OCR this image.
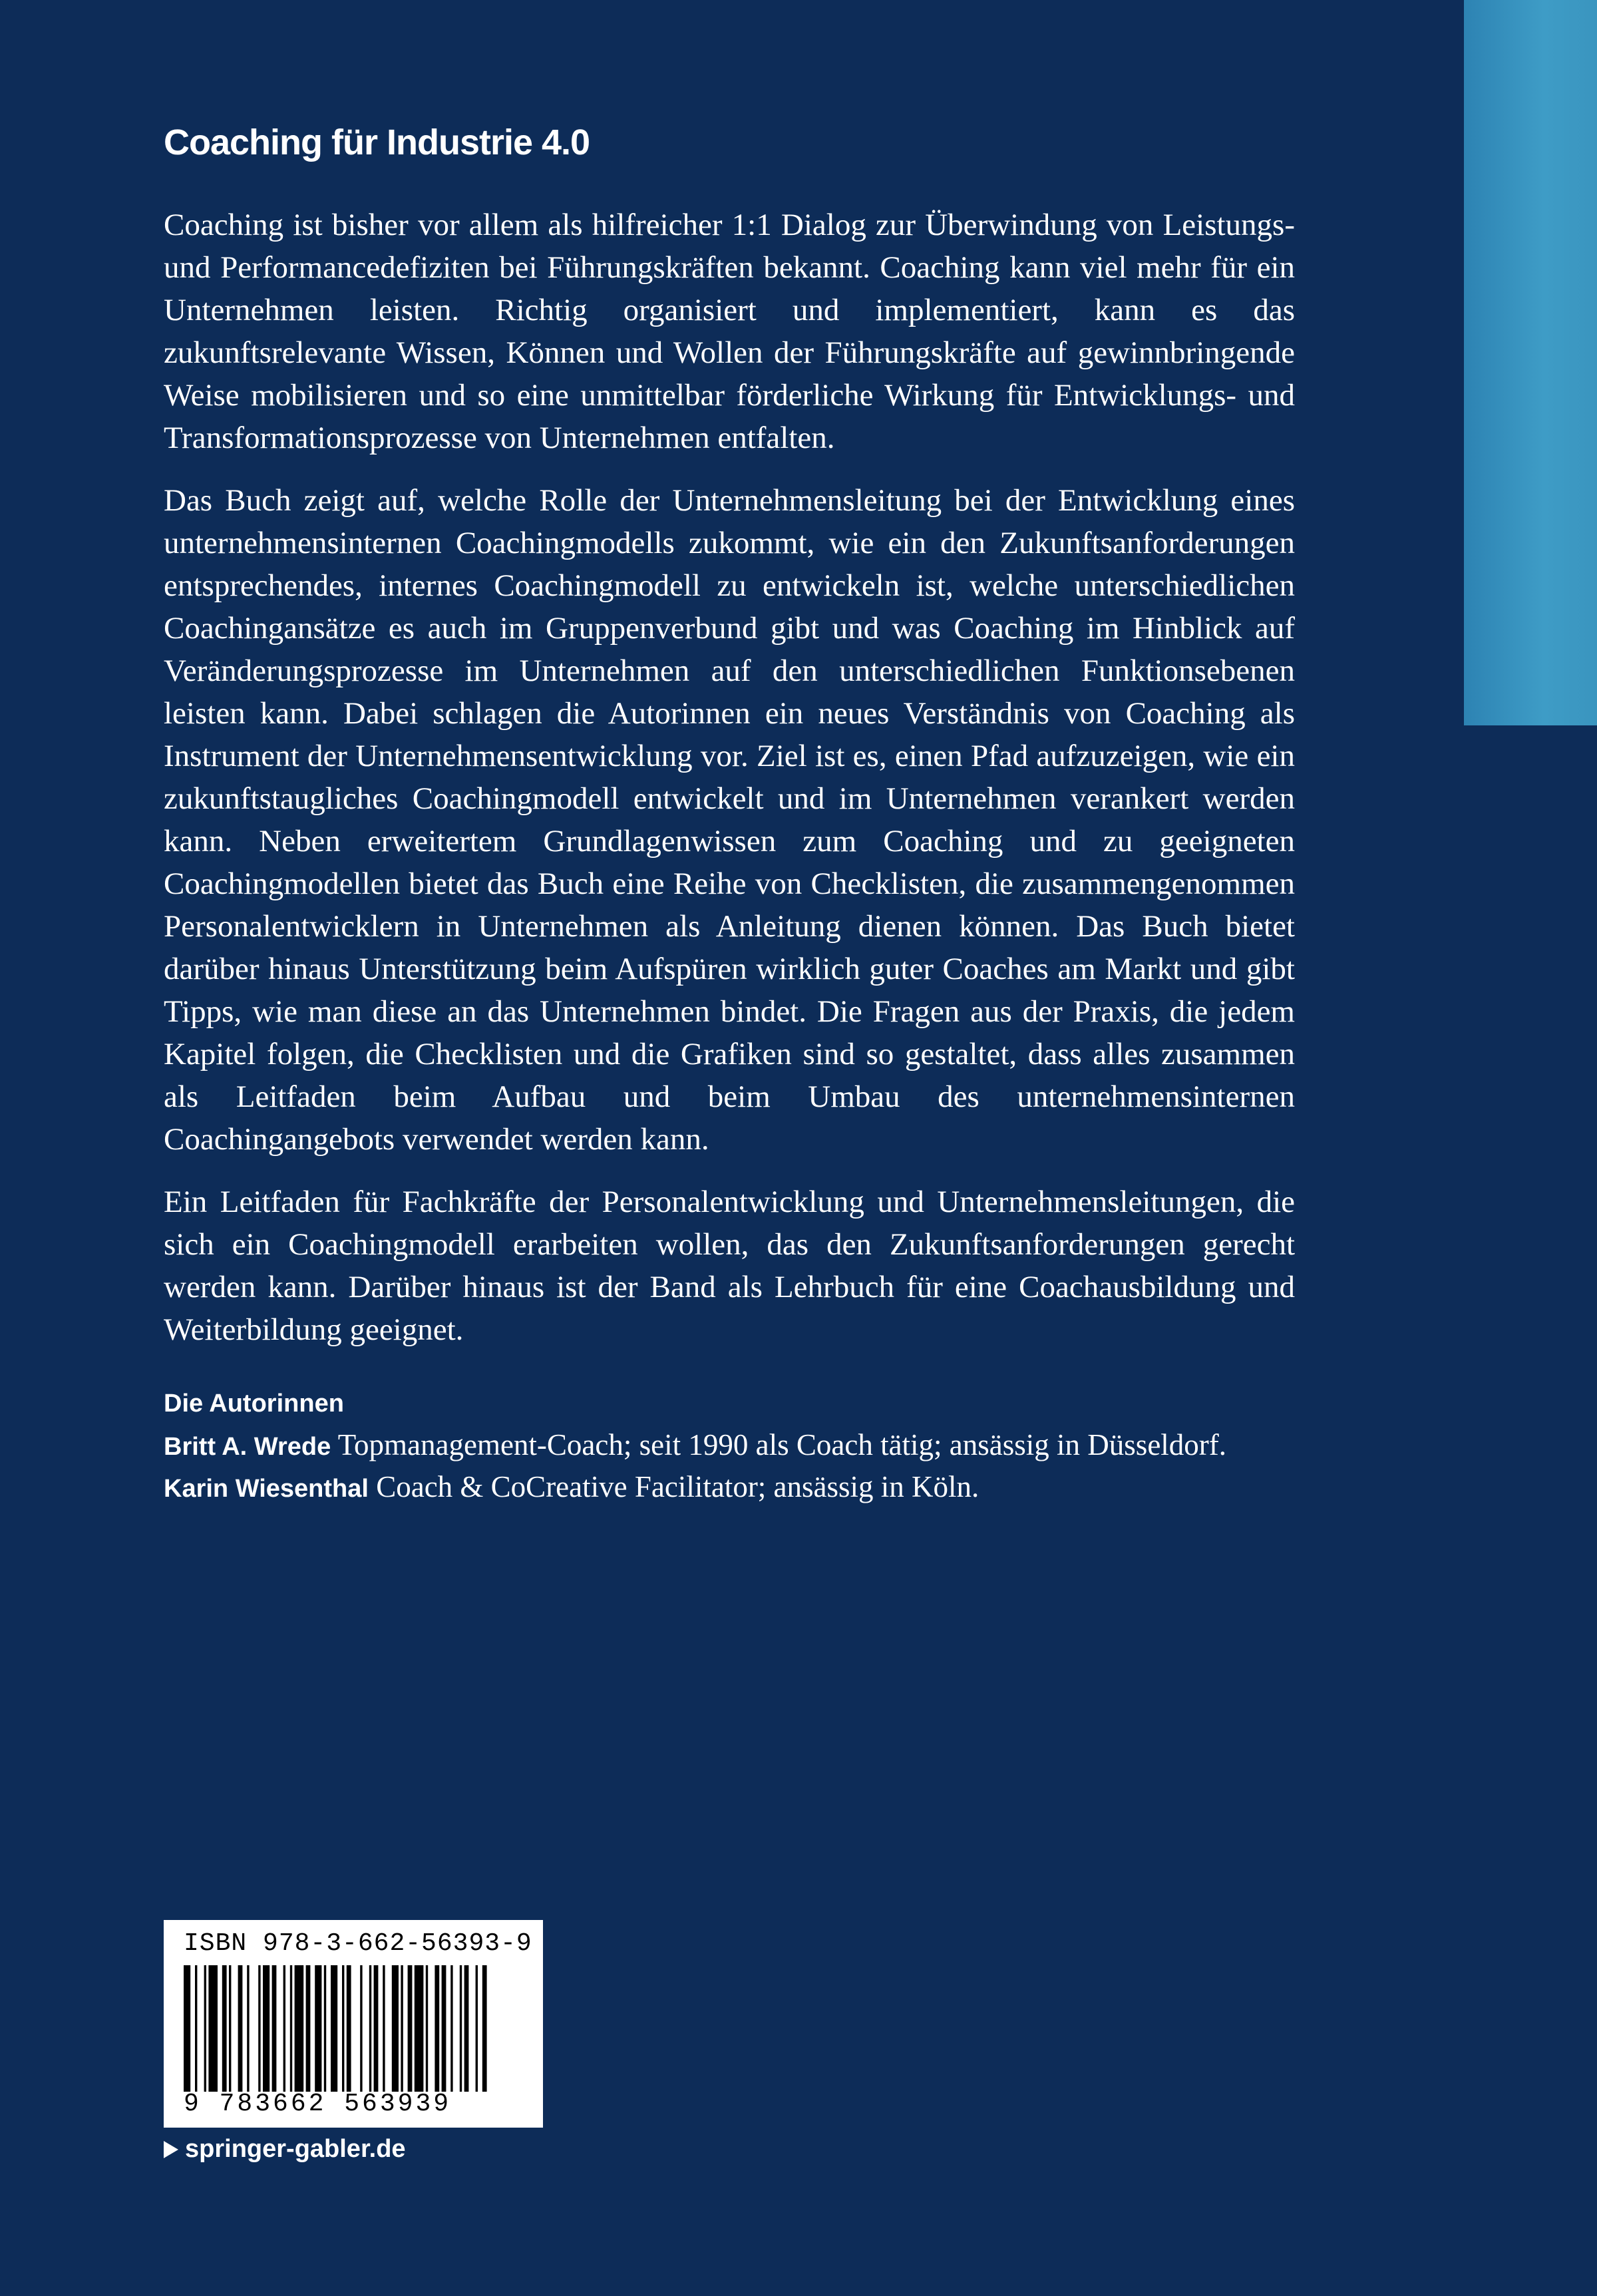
Coaching für Industrie 4.0

Coaching ist bisher vor allem als hilfreicher 1:1 Dialog zur Überwindung von Leistungs- und Performancedefiziten bei Führungskräften bekannt. Coaching kann viel mehr für ein Unternehmen leisten. Richtig organisiert und implementiert, kann es das zukunftsrelevante Wissen, Können und Wollen der Führungskräfte auf gewinnbringende Weise mobilisieren und so eine unmittelbar förderliche Wirkung für Entwicklungs- und Transformationsprozesse von Unternehmen entfalten.

Das Buch zeigt auf, welche Rolle der Unternehmensleitung bei der Entwicklung eines unternehmensinternen Coachingmodells zukommt, wie ein den Zukunftsanforderungen entsprechendes, internes Coachingmodell zu entwickeln ist, welche unterschiedlichen Coachingansätze es auch im Gruppenverbund gibt und was Coaching im Hinblick auf Veränderungsprozesse im Unternehmen auf den unterschiedlichen Funktionsebenen leisten kann. Dabei schlagen die Autorinnen ein neues Verständnis von Coaching als Instrument der Unternehmensentwicklung vor. Ziel ist es, einen Pfad aufzuzeigen, wie ein zukunftstaugliches Coachingmodell entwickelt und im Unternehmen verankert werden kann. Neben erweitertem Grundlagenwissen zum Coaching und zu geeigneten Coachingmodellen bietet das Buch eine Reihe von Checklisten, die zusammengenommen Personalentwicklern in Unternehmen als Anleitung dienen können. Das Buch bietet darüber hinaus Unterstützung beim Aufspüren wirklich guter Coaches am Markt und gibt Tipps, wie man diese an das Unternehmen bindet. Die Fragen aus der Praxis, die jedem Kapitel folgen, die Checklisten und die Grafiken sind so gestaltet, dass alles zusammen als Leitfaden beim Aufbau und beim Umbau des unternehmensinternen Coachingangebots verwendet werden kann.

Ein Leitfaden für Fachkräfte der Personalentwicklung und Unternehmensleitungen, die sich ein Coachingmodell erarbeiten wollen, das den Zukunftsanforderungen gerecht werden kann. Darüber hinaus ist der Band als Lehrbuch für eine Coachausbildung und Weiterbildung geeignet.

Die Autorinnen

Britt A. Wrede Topmanagement-Coach; seit 1990 als Coach tätig; ansässig in Düsseldorf.

Karin Wiesenthal Coach & CoCreative Facilitator; ansässig in Köln.

ISBN 978-3-662-56393-9
9 783662 563939
springer-gabler.de
